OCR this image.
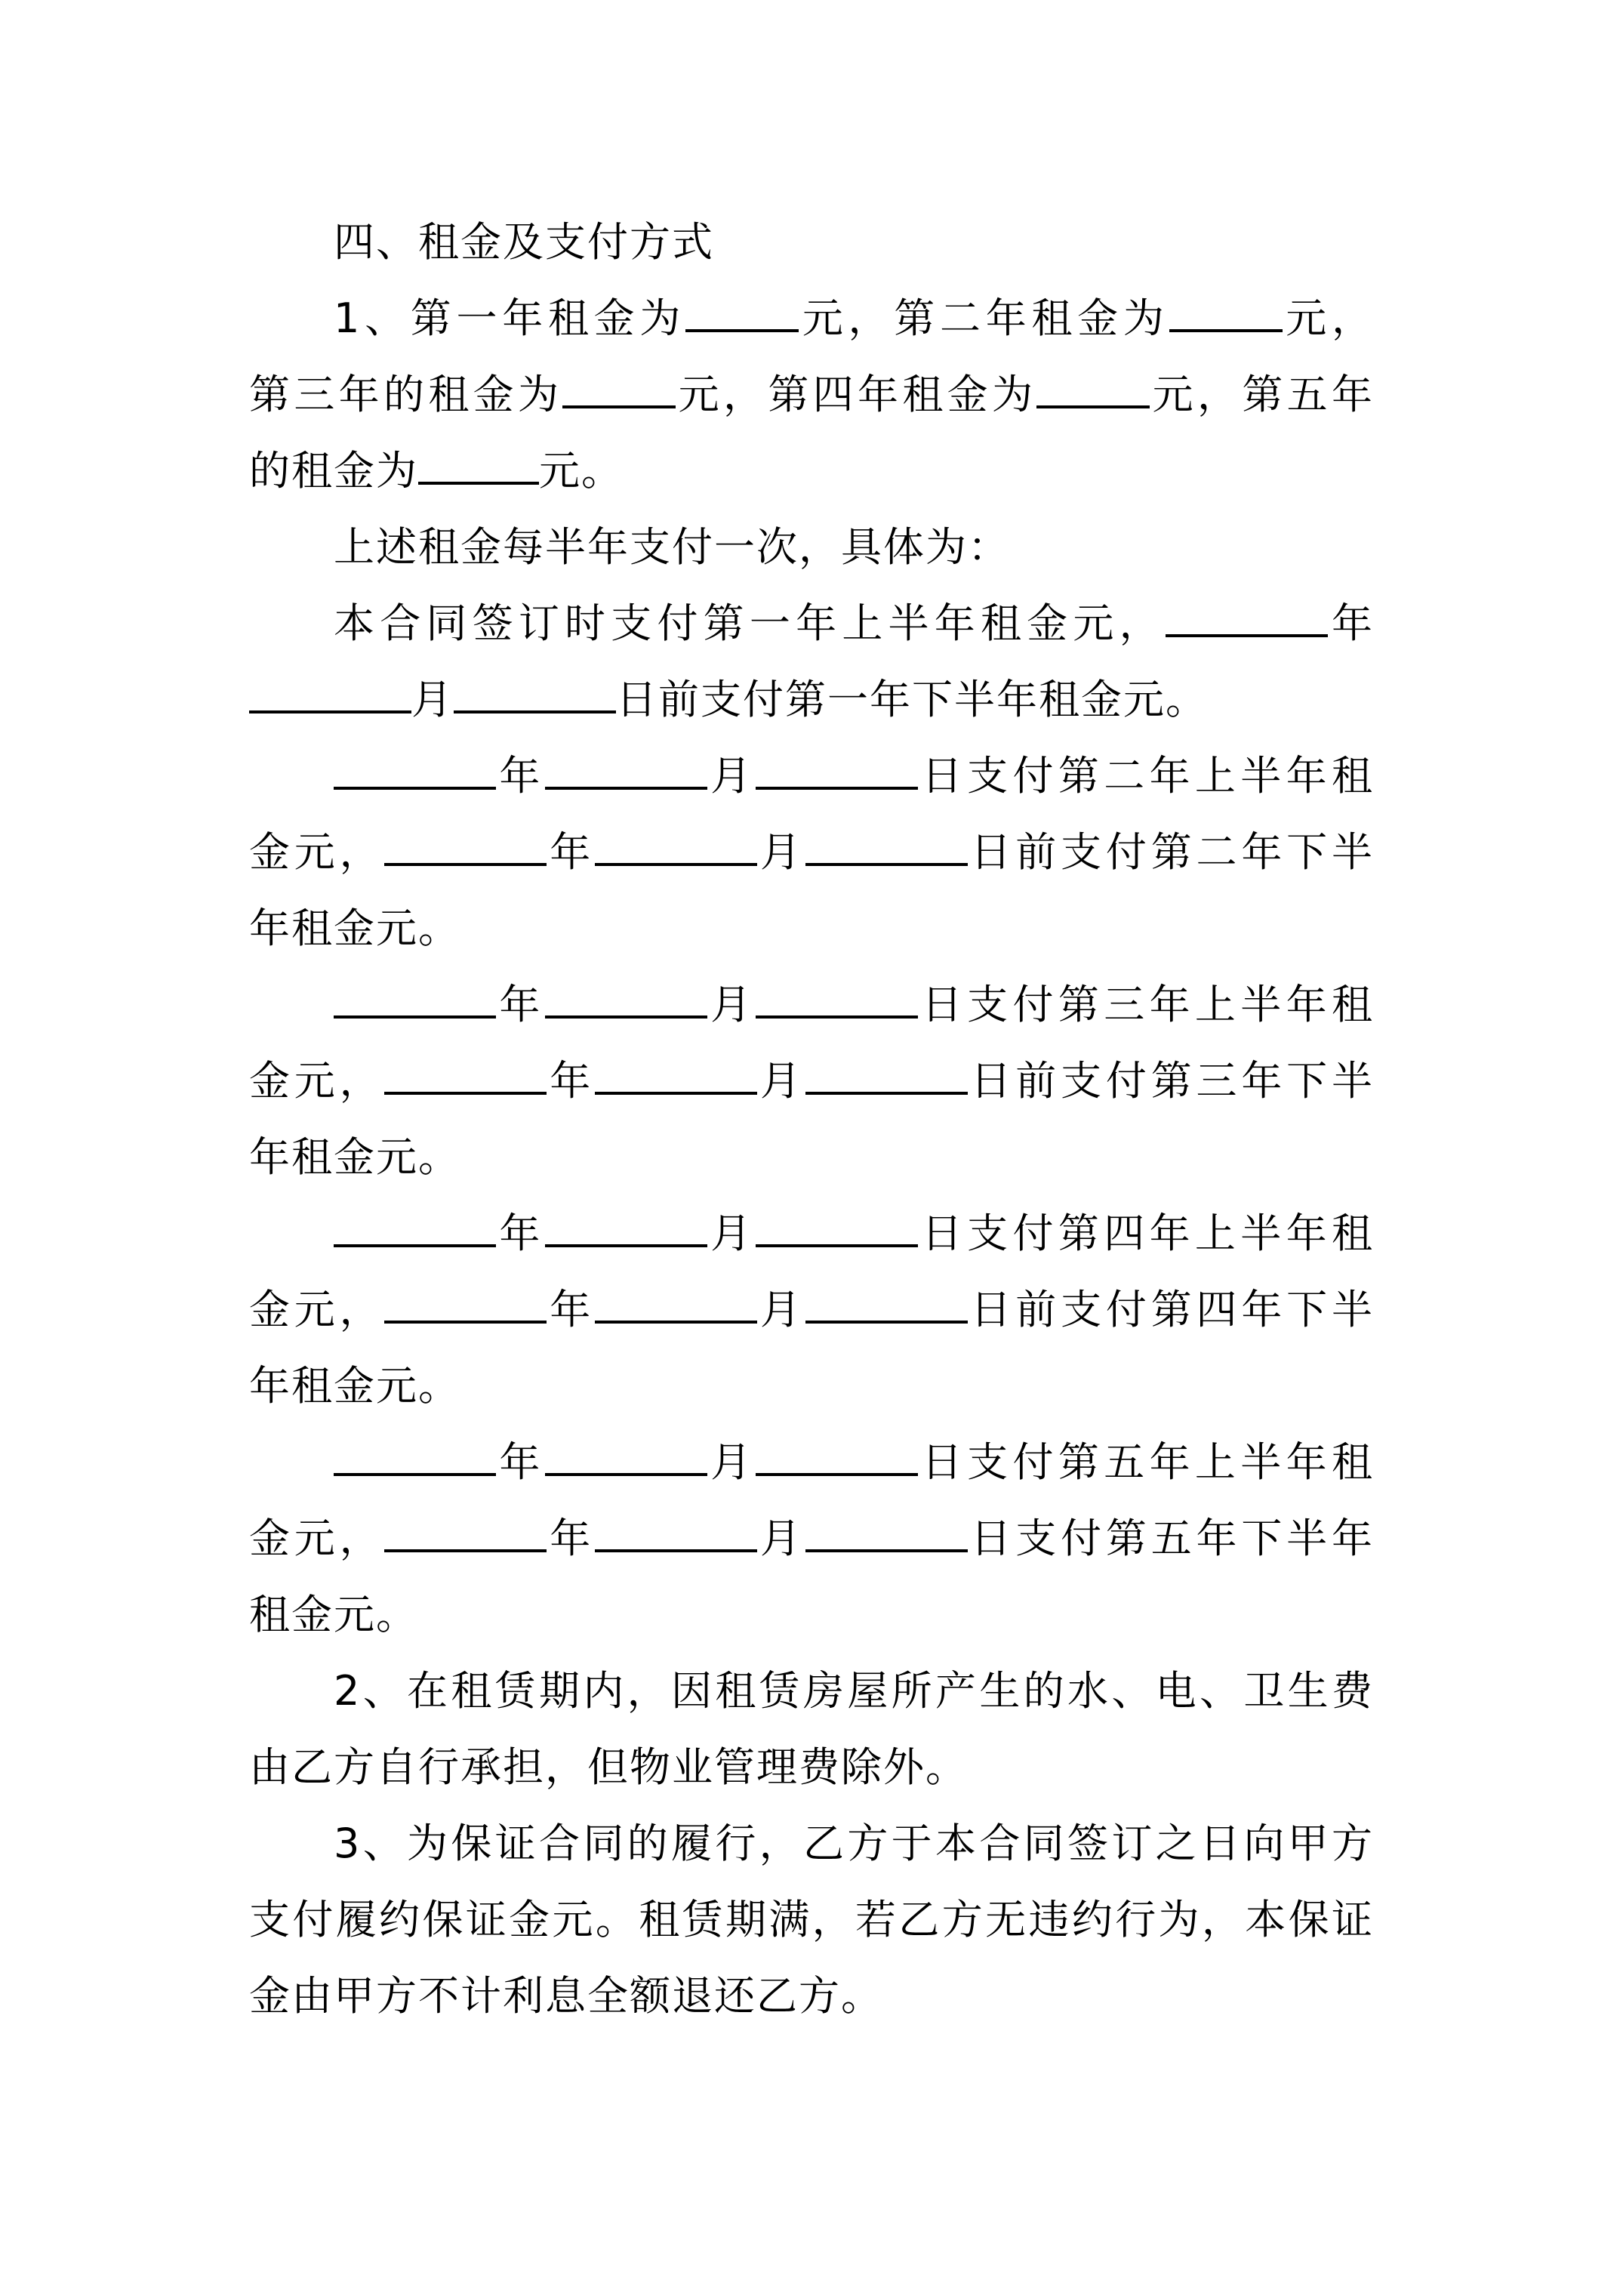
四、租金及支付方式
1、第一年租金为	元，第二年租金为	元，
第三年的租金为	元，第四年租金为	元，第五年
的租金为	元。
上述租金每半年支付一次，具体为：
本合同签订时支付第一年上半年租金元，	年
月	日前支付第一年下半年租金元。
年	月	日支付第二年上半年租
金元，	年	月	日前支付第二年下半
年租金元。
年	月	日支付第三年上半年租
金元，	年	月	日前支付第三年下半
年租金元。
年	月	日支付第四年上半年租
金元，	年	月	日前支付第四年下半
年租金元。
年	月	日支付第五年上半年租
金元，	年	月	日支付第五年下半年
租金元。
2、在租赁期内，因租赁房屋所产生的水、电、卫生费
由乙方自行承担，但物业管理费除外。
3、为保证合同的履行，乙方于本合同签订之日向甲方
支付履约保证金元。租赁期满，若乙方无违约行为，本保证
金由甲方不计利息全额退还乙方。
